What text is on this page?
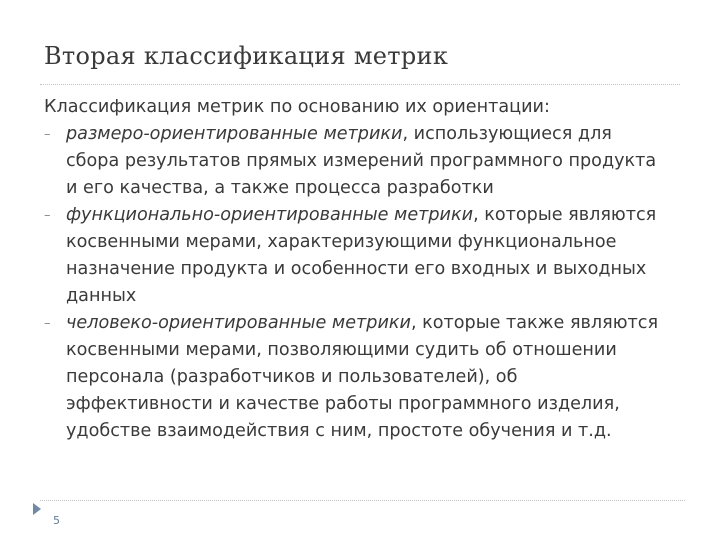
Вторая классификация метрик
Классификация метрик по основанию их ориентации:
– размеро-ориентированные метрики, использующиеся для сбора результатов прямых измерений программного продукта и его качества, а также процесса разработки
– функционально-ориентированные метрики, которые являются косвенными мерами, характеризующими функциональное назначение продукта и особенности его входных и выходных данных
– человеко-ориентированные метрики, которые также являются косвенными мерами, позволяющими судить об отношении персонала (разработчиков и пользователей), об эффективности и качестве работы программного изделия, удобстве взаимодействия с ним, простоте обучения и т.д.
5
